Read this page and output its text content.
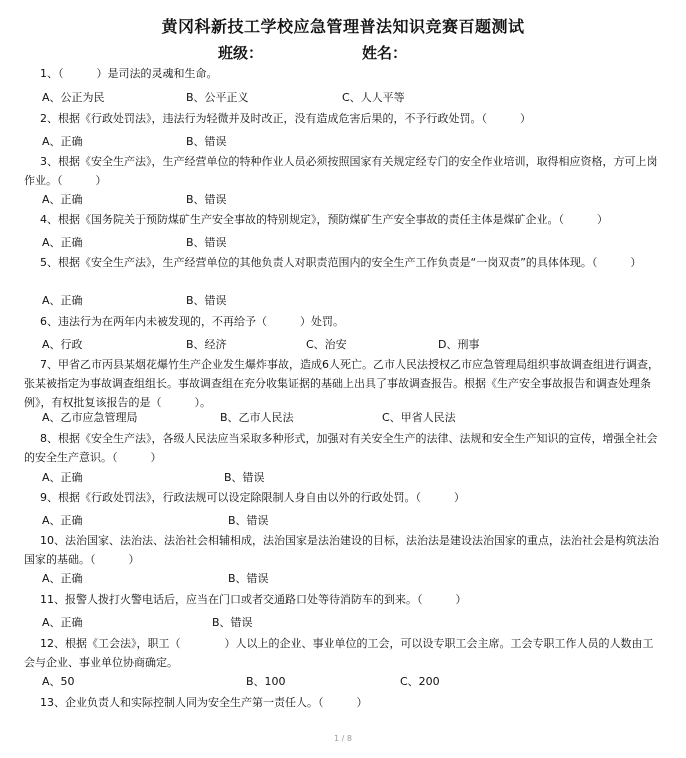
黄冈科新技工学校应急管理普法知识竞赛百题测试
班级：	姓名：
1、（　　　）是司法的灵魂和生命。
A、公正为民	B、公平正义	C、人人平等
2、根据《行政处罚法》，违法行为轻微并及时改正，没有造成危害后果的，不予行政处罚。（　　　）
A、正确	B、错误
3、根据《安全生产法》，生产经营单位的特种作业人员必须按照国家有关规定经专门的安全作业培训，取得相应资格，方可上岗作业。（　　　）
A、正确	B、错误
4、根据《国务院关于预防煤矿生产安全事故的特别规定》，预防煤矿生产安全事故的责任主体是煤矿企业。（　　　）
A、正确	B、错误
5、根据《安全生产法》，生产经营单位的其他负责人对职责范围内的安全生产工作负责是“一岗双责”的具体体现。（　　　）
A、正确	B、错误
6、违法行为在两年内未被发现的，不再给予（　　　）处罚。
A、行政	B、经济	C、治安	D、刑事
7、甲省乙市丙县某烟花爆竹生产企业发生爆炸事故，造成6人死亡。乙市人民法授权乙市应急管理局组织事故调查组进行调查，张某被指定为事故调查组组长。事故调查组在充分收集证据的基础上出具了事故调查报告。根据《生产安全事故报告和调查处理条例》，有权批复该报告的是（　　　）。
A、乙市应急管理局	B、乙市人民法	C、甲省人民法
8、根据《安全生产法》，各级人民法应当采取多种形式，加强对有关安全生产的法律、法规和安全生产知识的宣传，增强全社会的安全生产意识。（　　　）
A、正确	B、错误
9、根据《行政处罚法》，行政法规可以设定除限制人身自由以外的行政处罚。（　　　）
A、正确	B、错误
10、法治国家、法治法、法治社会相辅相成，法治国家是法治建设的目标，法治法是建设法治国家的重点，法治社会是构筑法治国家的基础。（　　　）
A、正确	B、错误
11、报警人拨打火警电话后，应当在门口或者交通路口处等待消防车的到来。（　　　）
A、正确	B、错误
12、根据《工会法》，职工（　　　　）人以上的企业、事业单位的工会，可以设专职工会主席。工会专职工作人员的人数由工会与企业、事业单位协商确定。
A、50	B、100	C、200
13、企业负责人和实际控制人同为安全生产第一责任人。（　　　）
1 / 8
